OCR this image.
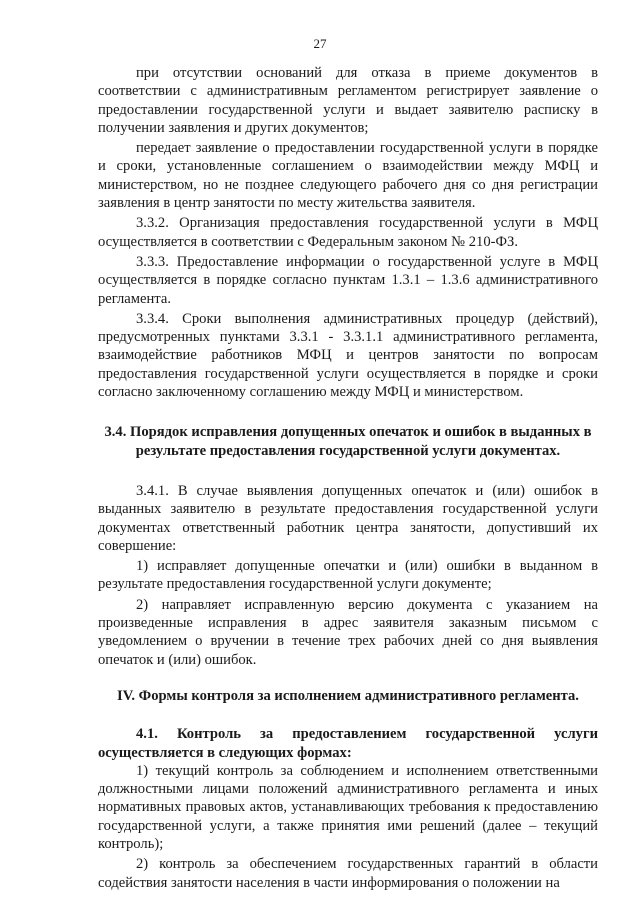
27

при отсутствии оснований для отказа в приеме документов в соответствии с административным регламентом регистрирует заявление о предоставлении государственной услуги и выдает заявителю расписку в получении заявления и других документов;

передает заявление о предоставлении государственной услуги в порядке и сроки, установленные соглашением о взаимодействии между МФЦ и министерством, но не позднее следующего рабочего дня со дня регистрации заявления в центр занятости по месту жительства заявителя.

3.3.2. Организация предоставления государственной услуги в МФЦ осуществляется в соответствии с Федеральным законом № 210-ФЗ.

3.3.3. Предоставление информации о государственной услуге в МФЦ осуществляется в порядке согласно пунктам 1.3.1 – 1.3.6 административного регламента.

3.3.4. Сроки выполнения административных процедур (действий), предусмотренных пунктами 3.3.1 - 3.3.1.1 административного регламента, взаимодействие работников МФЦ и центров занятости по вопросам предоставления государственной услуги осуществляется в порядке и сроки согласно заключенному соглашению между МФЦ и министерством.

3.4. Порядок исправления допущенных опечаток и ошибок в выданных в результате предоставления государственной услуги документах.

3.4.1. В случае выявления допущенных опечаток и (или) ошибок в выданных заявителю в результате предоставления государственной услуги документах ответственный работник центра занятости, допустивший их совершение:

1) исправляет допущенные опечатки и (или) ошибки в выданном в результате предоставления государственной услуги документе;

2) направляет исправленную версию документа с указанием на произведенные исправления в адрес заявителя заказным письмом с уведомлением о вручении в течение трех рабочих дней со дня выявления опечаток и (или) ошибок.

IV. Формы контроля за исполнением административного регламента.

4.1. Контроль за предоставлением государственной услуги осуществляется в следующих формах:

1) текущий контроль за соблюдением и исполнением ответственными должностными лицами положений административного регламента и иных нормативных правовых актов, устанавливающих требования к предоставлению государственной услуги, а также принятия ими решений (далее – текущий контроль);

2) контроль за обеспечением государственных гарантий в области содействия занятости населения в части информирования о положении на
